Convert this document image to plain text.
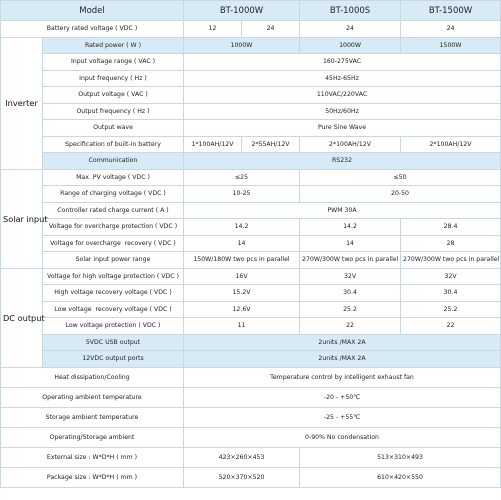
Model		BT-1000W		BT-1000S	BT-1500W
Battery rated voltage ( VDC )		12	24	24	24
Inverter	Rated power ( W )	1000W		1000W	1500W
	Input voltage range ( VAC )	160-275VAC			
	Input frequency ( Hz )	45Hz-65Hz			
	Output voltage ( VAC )	110VAC/220VAC			
	Output frequency ( Hz )	50Hz/60Hz			
	Output wave	Pure Sine Wave			
	Specification of built-in battery	1*100AH/12V	2*55AH/12V	2*100AH/12V	2*100AH/12V
	Communication	RS232			
Solar input	Max. PV voltage ( VDC )	≤25		≤50	
	Range of charging voltage ( VDC )	10-25		20-50	
	Controller rated charge current ( A )	PWM 30A			
	Voltage for overcharge protection ( VDC )	14.2		14.2	28.4
	Voltage for overcharge  recovery ( VDC )	14		14	28
	Solar input power range	150W/180W two pcs in parallel		270W/300W two pcs in parallel	270W/300W two pcs in parallel
DC output	Voltage for high voltage protection ( VDC )	16V		32V	32V
	High voltage recovery voltage ( VDC )	15.2V		30.4	30.4
	Low voltage  recovery voltage ( VDC )	12.6V		25.2	25.2
	Low voltage protection ( VDC )	11		22	22
	5VDC USB output	2units /MAX 2A			
	12VDC output ports	2units /MAX 2A			
Heat dissipation/Cooling		Temperature control by intelligent exhaust fan			
Operating ambient temperature		-20 - +50℃			
Storage ambient temperature		-25 - +55℃			
Operating/Storage ambient		0-90% No condensation			
External size : W*D*H ( mm )		423×260×453		513×310×493	
Package size : W*D*H ( mm )		520×370×520		610×420×550	
